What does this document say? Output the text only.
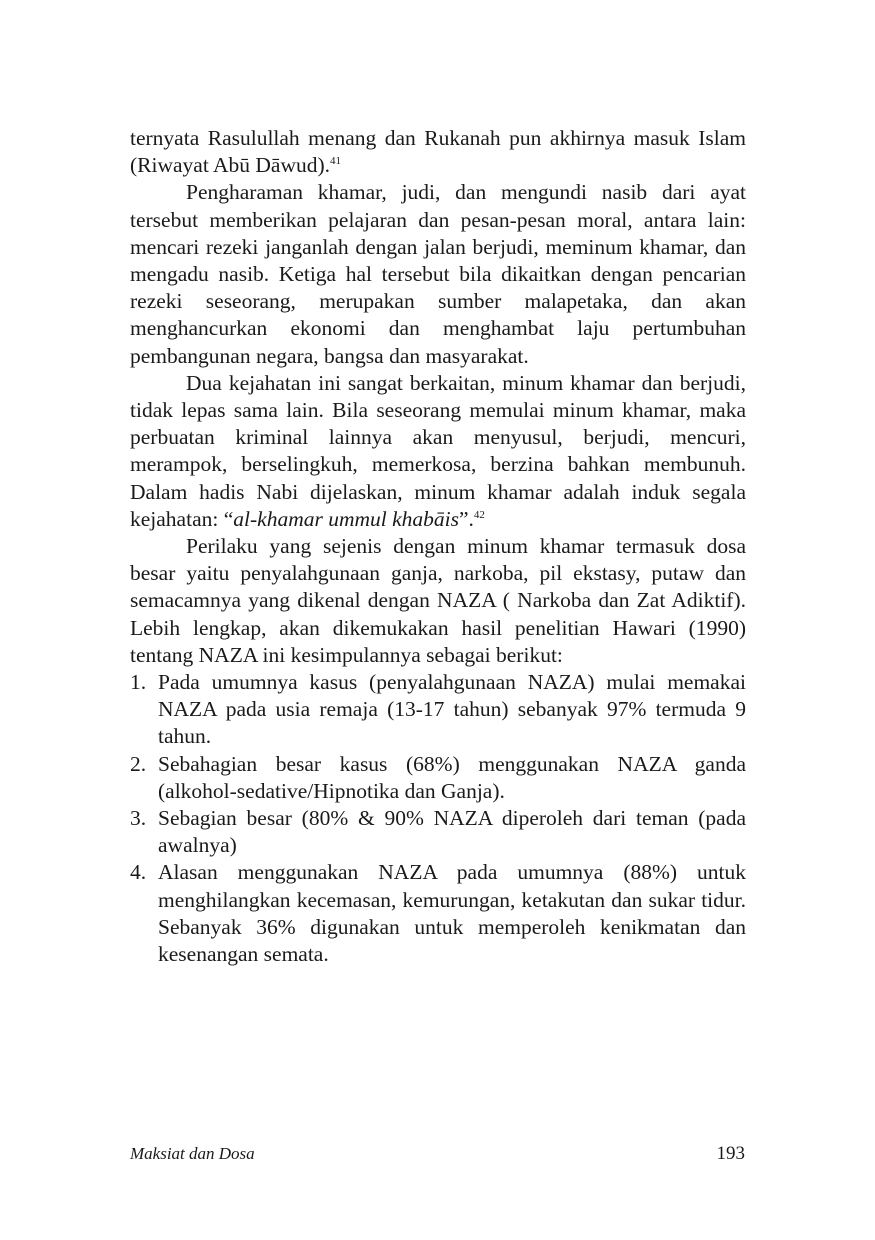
ternyata Rasulullah menang dan Rukanah pun akhirnya masuk Islam (Riwayat Abū Dāwud).$^{41}$

Pengharaman khamar, judi, dan mengundi nasib dari ayat tersebut memberikan pelajaran dan pesan-pesan moral, antara lain: mencari rezeki janganlah dengan jalan berjudi, meminum khamar, dan mengadu nasib. Ketiga hal tersebut bila dikaitkan dengan pencarian rezeki seseorang, merupakan sumber malapetaka, dan akan menghancurkan ekonomi dan menghambat laju pertumbuhan pembangunan negara, bangsa dan masyarakat.

Dua kejahatan ini sangat berkaitan, minum khamar dan berjudi, tidak lepas sama lain. Bila seseorang memulai minum khamar, maka perbuatan kriminal lainnya akan menyusul, berjudi, mencuri, merampok, berselingkuh, memerkosa, berzina bahkan membunuh. Dalam hadis Nabi dijelaskan, minum khamar adalah induk segala kejahatan: “al-khamar ummul khabāis”.$^{42}$

Perilaku yang sejenis dengan minum khamar termasuk dosa besar yaitu penyalahgunaan ganja, narkoba, pil ekstasy, putaw dan semacamnya yang dikenal dengan NAZA ( Narkoba dan Zat Adiktif). Lebih lengkap, akan dikemukakan hasil penelitian Hawari (1990) tentang NAZA ini kesimpulannya sebagai berikut:

1. Pada umumnya kasus (penyalahgunaan NAZA) mulai memakai NAZA pada usia remaja (13-17 tahun) sebanyak 97% termuda 9 tahun.
2. Sebahagian besar kasus (68%) menggunakan NAZA ganda (alkohol-sedative/Hipnotika dan Ganja).
3. Sebagian besar (80% & 90% NAZA diperoleh dari teman (pada awalnya)
4. Alasan menggunakan NAZA pada umumnya (88%) untuk menghilangkan kecemasan, kemurungan, ketakutan dan sukar tidur. Sebanyak 36% digunakan untuk memperoleh kenikmatan dan kesenangan semata.
Maksiat dan Dosa	193
